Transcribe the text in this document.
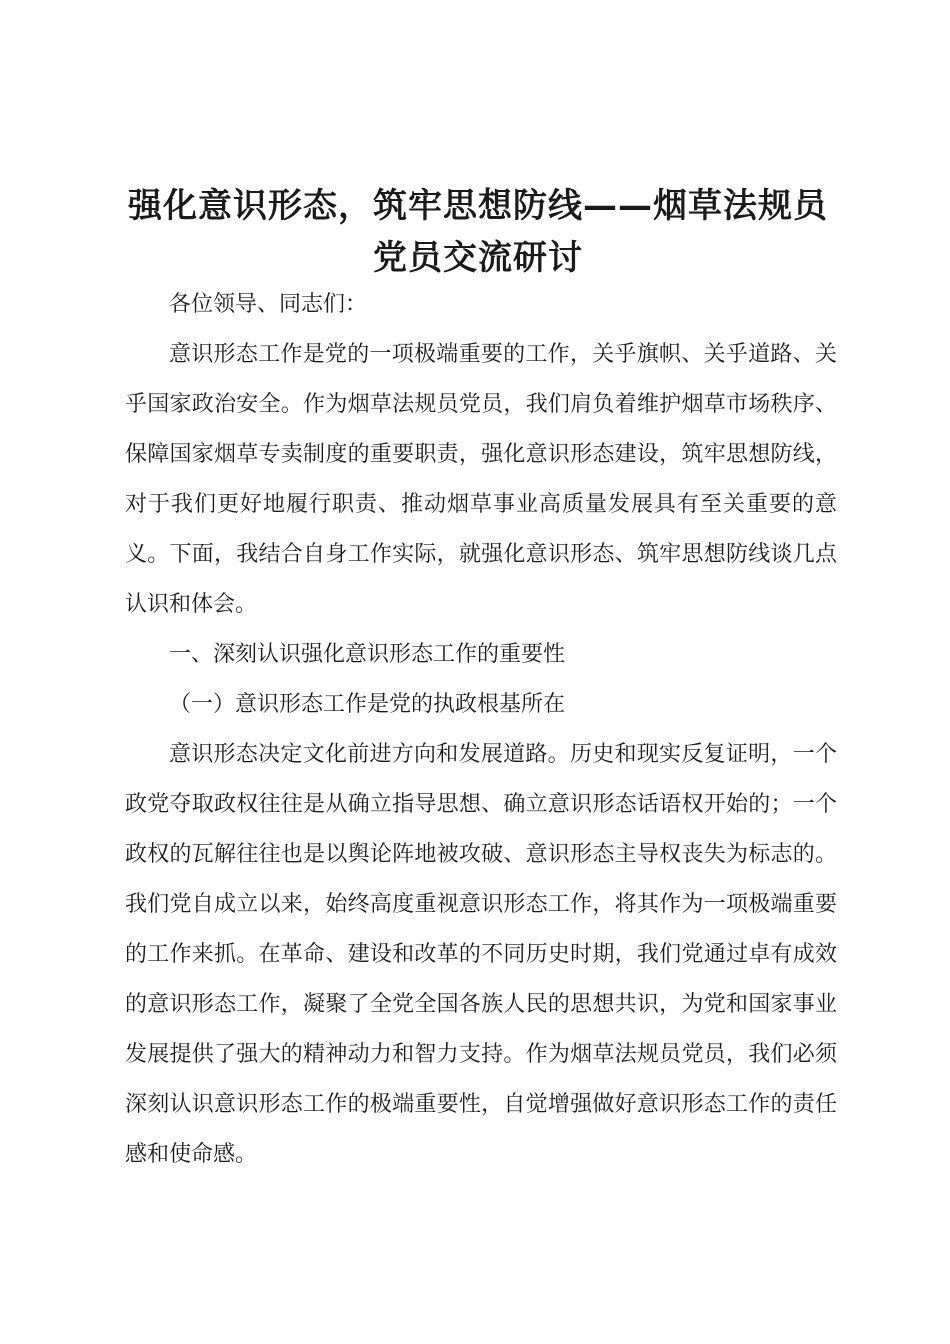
强化意识形态，筑牢思想防线——烟草法规员
党员交流研讨

各位领导、同志们：

意识形态工作是党的一项极端重要的工作，关乎旗帜、关乎道路、关乎国家政治安全。作为烟草法规员党员，我们肩负着维护烟草市场秩序、保障国家烟草专卖制度的重要职责，强化意识形态建设，筑牢思想防线，对于我们更好地履行职责、推动烟草事业高质量发展具有至关重要的意义。下面，我结合自身工作实际，就强化意识形态、筑牢思想防线谈几点认识和体会。

一、深刻认识强化意识形态工作的重要性

（一）意识形态工作是党的执政根基所在

意识形态决定文化前进方向和发展道路。历史和现实反复证明，一个政党夺取政权往往是从确立指导思想、确立意识形态话语权开始的；一个政权的瓦解往往也是以舆论阵地被攻破、意识形态主导权丧失为标志的。我们党自成立以来，始终高度重视意识形态工作，将其作为一项极端重要的工作来抓。在革命、建设和改革的不同历史时期，我们党通过卓有成效的意识形态工作，凝聚了全党全国各族人民的思想共识，为党和国家事业发展提供了强大的精神动力和智力支持。作为烟草法规员党员，我们必须深刻认识意识形态工作的极端重要性，自觉增强做好意识形态工作的责任感和使命感。
